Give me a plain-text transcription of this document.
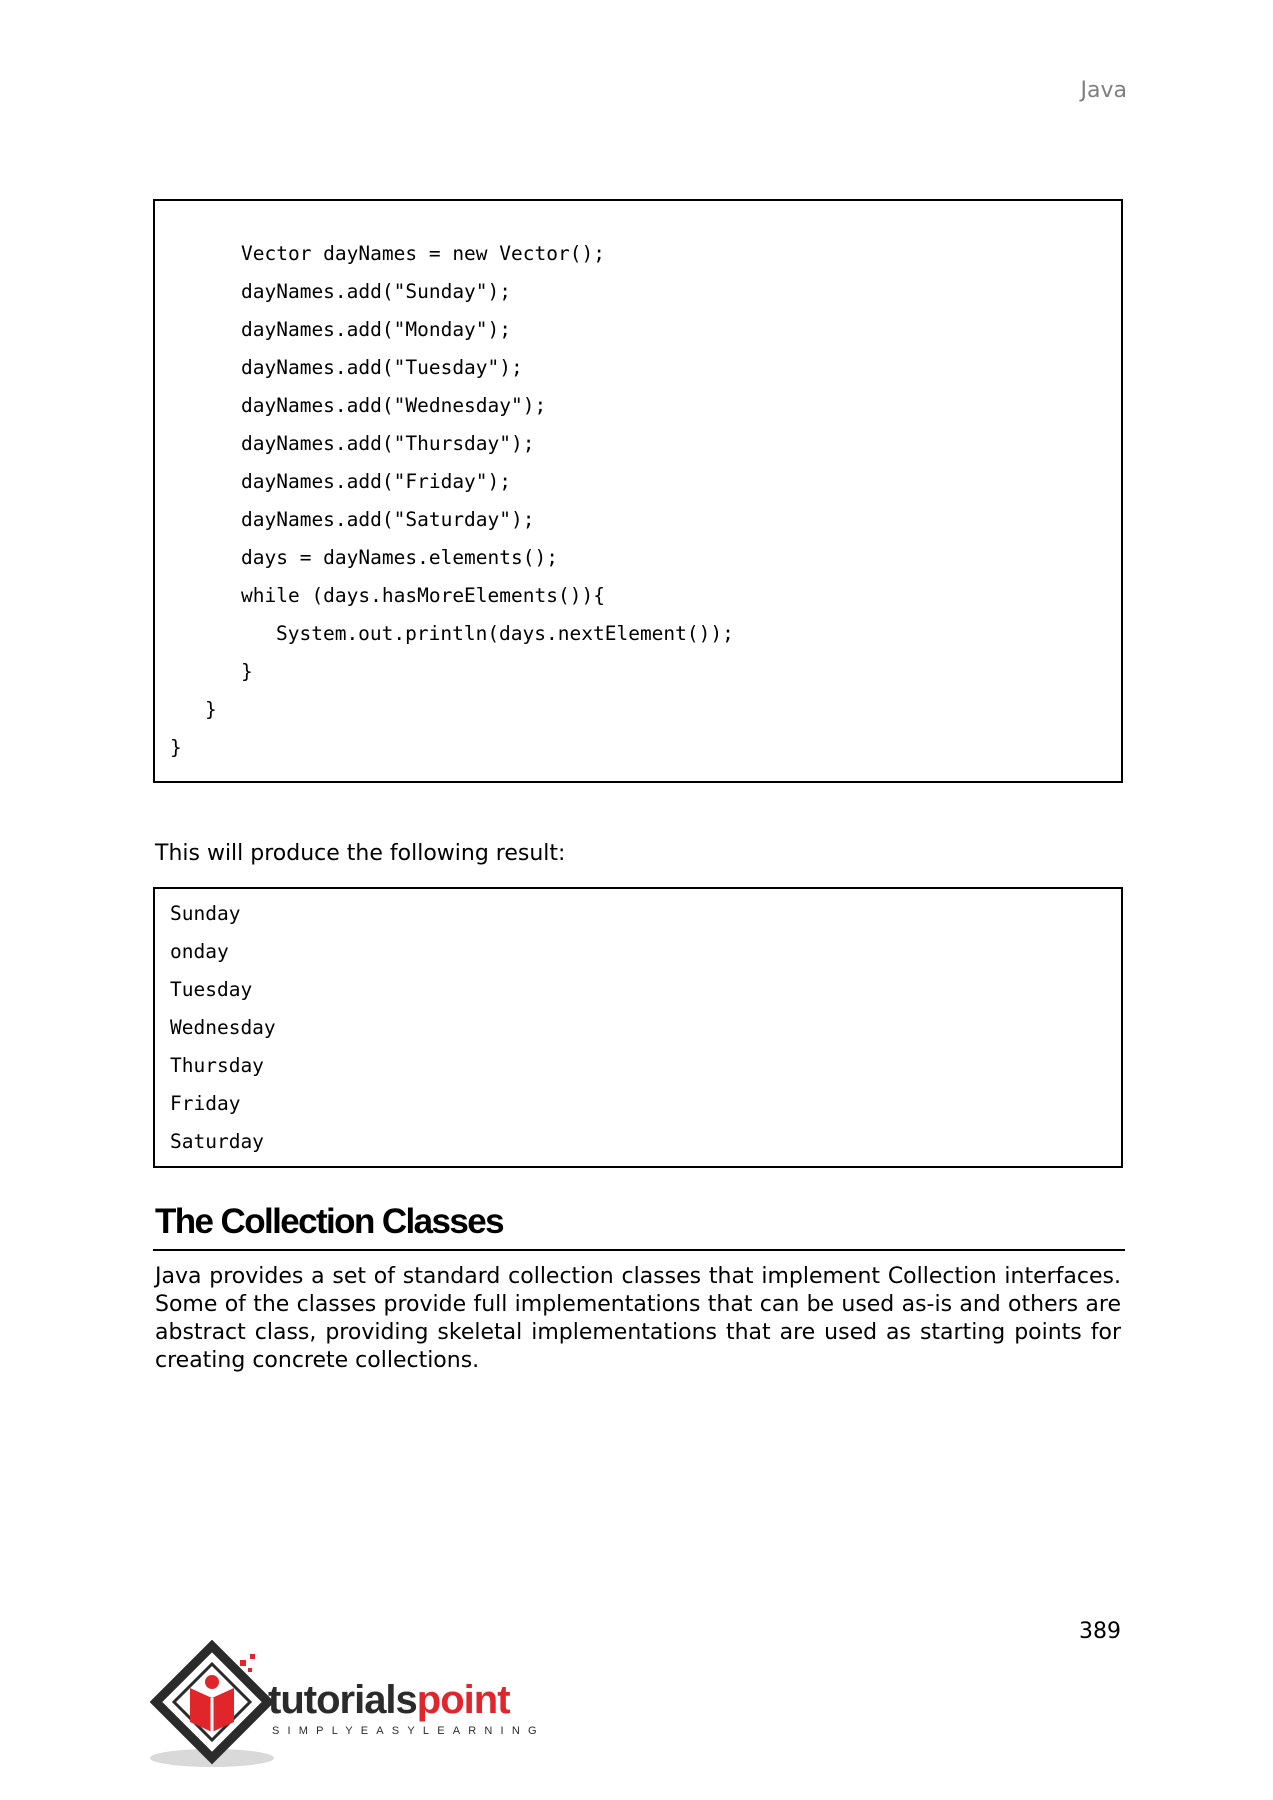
Java
Vector dayNames = new Vector();
dayNames.add("Sunday");
dayNames.add("Monday");
dayNames.add("Tuesday");
dayNames.add("Wednesday");
dayNames.add("Thursday");
dayNames.add("Friday");
dayNames.add("Saturday");
days = dayNames.elements();
while (days.hasMoreElements()){
System.out.println(days.nextElement());
}
}
}
This will produce the following result:
Sunday
onday
Tuesday
Wednesday
Thursday
Friday
Saturday
The Collection Classes
Java provides a set of standard collection classes that implement Collection interfaces. Some of the classes provide full implementations that can be used as-is and others are abstract class, providing skeletal implementations that are used as starting points for creating concrete collections.
389
tutorialspoint
SIMPLYEASYLEARNING
